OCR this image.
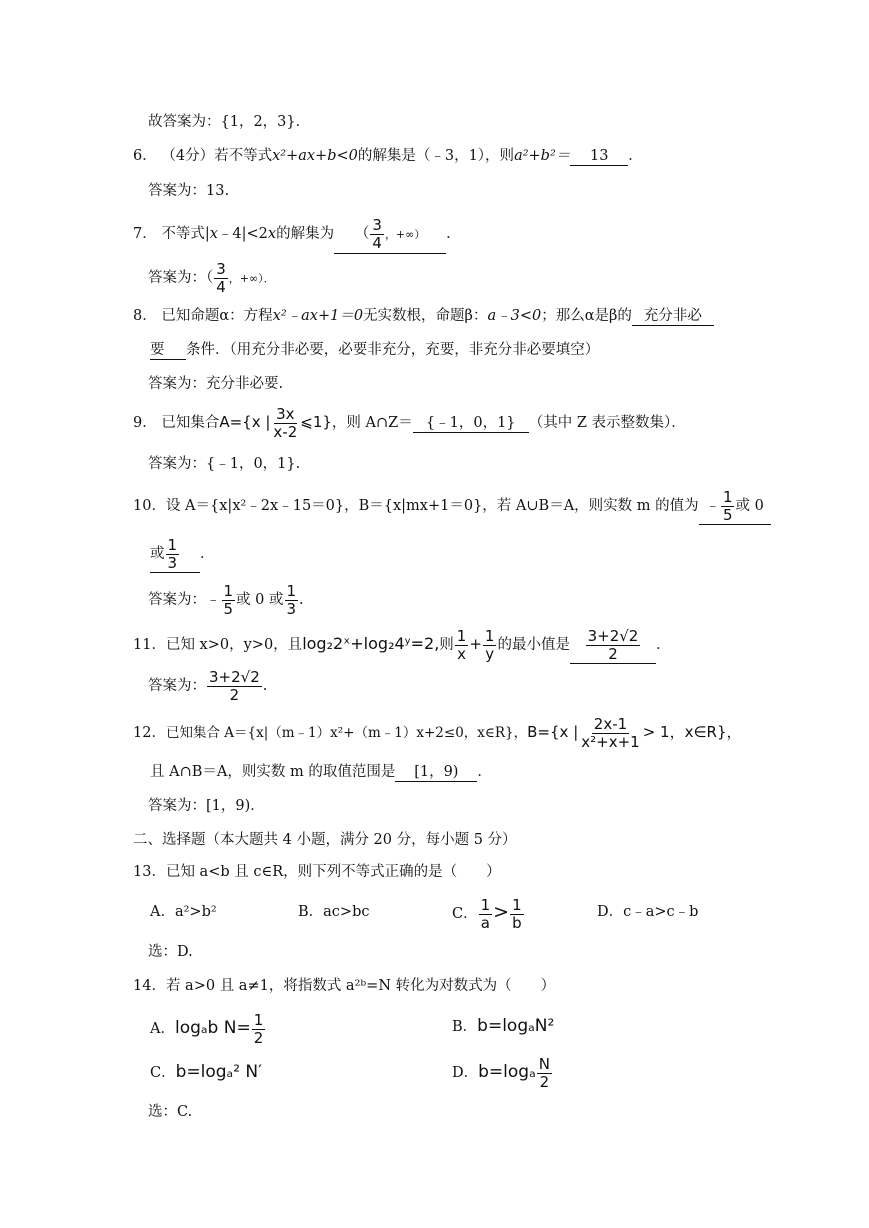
故答案为：{1，2，3}．
6． （4分）若不等式x²+ax+b<0的解集是（﹣3，1），则a²+b²＝ 13 ．
答案为：13.
7． 不等式|x﹣4|<2x的解集为 （ $\frac{3}{4}$ ，+∞） ．
答案为：（ $\frac{3}{4}$ ，+∞）．
8． 已知命题α：方程x²﹣ax+1＝0无实数根，命题β：a﹣3<0；那么α是β的 充分非必
要 条件．（用充分非必要，必要非充分，充要，非充分非必要填空）
答案为：充分非必要.
9． 已知集合A={x | $\frac{3x}{x-2}$ ⩽1}，则 A∩Z＝ {﹣1，0，1} （其中 Z 表示整数集）．
答案为：{﹣1，0，1}.
10．设 A＝{x|x²﹣2x﹣15＝0}，B＝{x|mx+1＝0}，若 A∪B＝A，则实数 m 的值为 ﹣ $\frac{1}{5}$ 或 0
或 $\frac{1}{3}$ ．
答案为：﹣ $\frac{1}{5}$ 或 0 或 $\frac{1}{3}$ .
11．已知 x>0，y>0，且log₂2ˣ+log₂4ʸ=2,则 $\frac{1}{x} + \frac{1}{y}$ 的最小值是 $\frac{3+2√2}{2}$ ．
答案为： $\frac{3+2√2}{2}$ .
12．已知集合 A＝{x|（m﹣1）x²+（m﹣1）x+2≤0，x∈R}，B={x | $\frac{2x-1}{\text{x²+x+1}} > 1$，x∈R}，
且 A∩B＝A，则实数 m 的取值范围是 [1，9) ．
答案为：[1，9)．
二、选择题（本大题共 4 小题，满分 20 分，每小题 5 分）
13．已知 a<b 且 c∈R，则下列不等式正确的是（　　）
A．a²>b²	B．ac>bc	C． $\frac{1}{a} > \frac{1}{b}$	D．c﹣a>c﹣b
选：D.
14．若 a>0 且 a≠1，将指数式 a²ᵇ=N 转化为对数式为（　　）
A．logₐb $N= \frac{1}{2}$	B．b=logₐN²
C．b=logₐ² N′	D．$b=\log_a \frac{N}{2}$
选：C.
